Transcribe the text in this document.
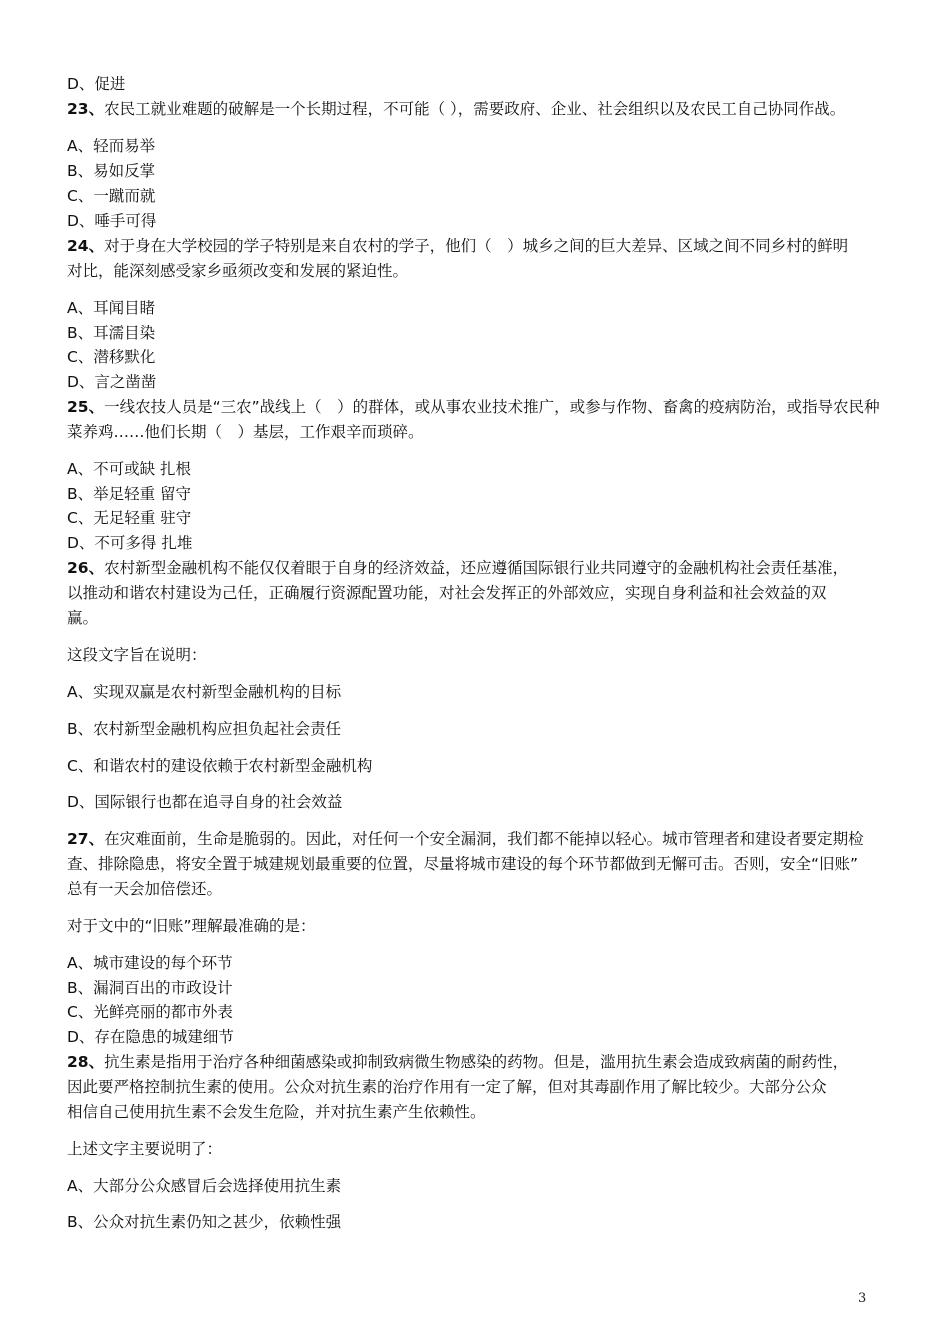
D、促进
23、农民工就业难题的破解是一个长期过程，不可能（ ），需要政府、企业、社会组织以及农民工自己协同作战。
A、轻而易举
B、易如反掌
C、一蹴而就
D、唾手可得
24、对于身在大学校园的学子特别是来自农村的学子，他们（　）城乡之间的巨大差异、区域之间不同乡村的鲜明
对比，能深刻感受家乡亟须改变和发展的紧迫性。
A、耳闻目睹
B、耳濡目染
C、潜移默化
D、言之凿凿
25、一线农技人员是“三农”战线上（　）的群体，或从事农业技术推广，或参与作物、畜禽的疫病防治，或指导农民种
菜养鸡……他们长期（　）基层，工作艰辛而琐碎。
A、不可或缺 扎根
B、举足轻重 留守
C、无足轻重 驻守
D、不可多得 扎堆
26、农村新型金融机构不能仅仅着眼于自身的经济效益，还应遵循国际银行业共同遵守的金融机构社会责任基准，
以推动和谐农村建设为己任，正确履行资源配置功能，对社会发挥正的外部效应，实现自身利益和社会效益的双
赢。
这段文字旨在说明：
A、实现双赢是农村新型金融机构的目标
B、农村新型金融机构应担负起社会责任
C、和谐农村的建设依赖于农村新型金融机构
D、国际银行也都在追寻自身的社会效益
27、在灾难面前，生命是脆弱的。因此，对任何一个安全漏洞，我们都不能掉以轻心。城市管理者和建设者要定期检
查、排除隐患，将安全置于城建规划最重要的位置，尽量将城市建设的每个环节都做到无懈可击。否则，安全“旧账”
总有一天会加倍偿还。
对于文中的“旧账”理解最准确的是：
A、城市建设的每个环节
B、漏洞百出的市政设计
C、光鲜亮丽的都市外表
D、存在隐患的城建细节
28、抗生素是指用于治疗各种细菌感染或抑制致病微生物感染的药物。但是，滥用抗生素会造成致病菌的耐药性，
因此要严格控制抗生素的使用。公众对抗生素的治疗作用有一定了解，但对其毒副作用了解比较少。大部分公众
相信自己使用抗生素不会发生危险，并对抗生素产生依赖性。
上述文字主要说明了：
A、大部分公众感冒后会选择使用抗生素
B、公众对抗生素仍知之甚少，依赖性强
3
